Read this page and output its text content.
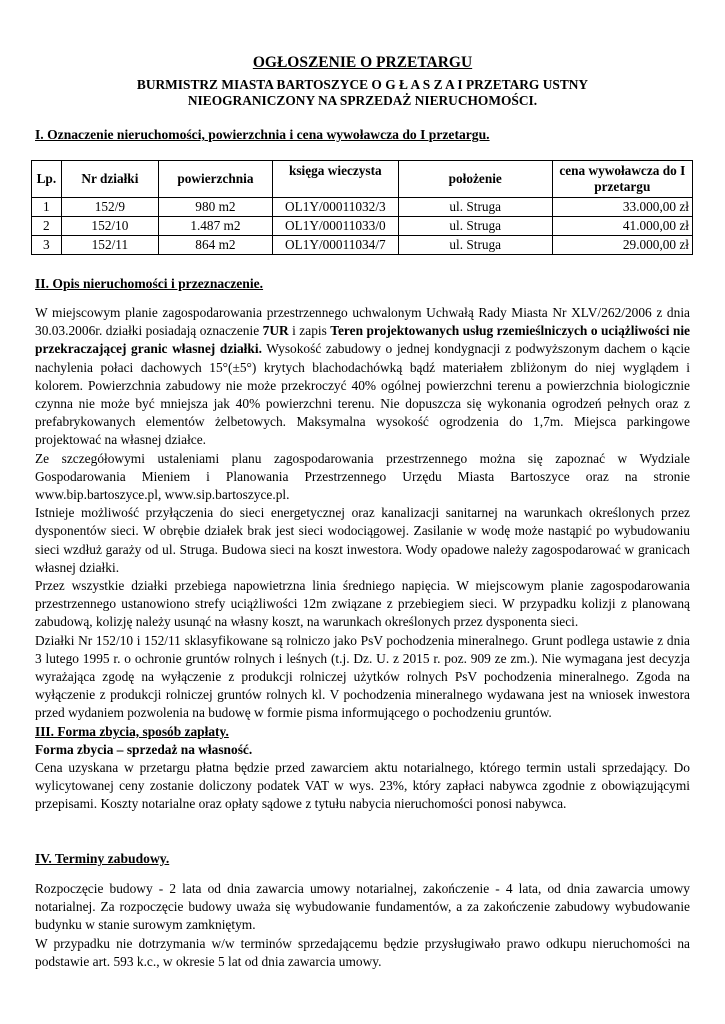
OGŁOSZENIE O PRZETARGU
BURMISTRZ MIASTA BARTOSZYCE O G Ł A S Z A I PRZETARG USTNY
NIEOGRANICZONY NA SPRZEDAŻ NIERUCHOMOŚCI.
I. Oznaczenie nieruchomości, powierzchnia i cena wywoławcza do I przetargu.
Lp.	Nr działki	powierzchnia	księga wieczysta	położenie	cena wywoławcza do I przetargu
1	152/9	980 m2	OL1Y/00011032/3	ul. Struga	33.000,00 zł
2	152/10	1.487 m2	OL1Y/00011033/0	ul. Struga	41.000,00 zł
3	152/11	864 m2	OL1Y/00011034/7	ul. Struga	29.000,00 zł
II. Opis nieruchomości i przeznaczenie.

W miejscowym planie zagospodarowania przestrzennego uchwalonym Uchwałą Rady Miasta Nr XLV/262/2006 z dnia 30.03.2006r. działki posiadają oznaczenie 7UR i zapis Teren projektowanych usług rzemieślniczych o uciążliwości nie przekraczającej granic własnej działki. Wysokość zabudowy o jednej kondygnacji z podwyższonym dachem o kącie nachylenia połaci dachowych 15°(±5°) krytych blachodachówką bądź materiałem zbliżonym do niej wyglądem i kolorem. Powierzchnia zabudowy nie może przekroczyć 40% ogólnej powierzchni terenu a powierzchnia biologicznie czynna nie może być mniejsza jak 40% powierzchni terenu. Nie dopuszcza się wykonania ogrodzeń pełnych oraz z prefabrykowanych elementów żelbetowych. Maksymalna wysokość ogrodzenia do 1,7m. Miejsca parkingowe projektować na własnej działce.

Ze szczegółowymi ustaleniami planu zagospodarowania przestrzennego można się zapoznać w Wydziale Gospodarowania Mieniem i Planowania Przestrzennego Urzędu Miasta Bartoszyce oraz na stronie www.bip.bartoszyce.pl, www.sip.bartoszyce.pl.

Istnieje możliwość przyłączenia do sieci energetycznej oraz kanalizacji sanitarnej na warunkach określonych przez dysponentów sieci. W obrębie działek brak jest sieci wodociągowej. Zasilanie w wodę może nastąpić po wybudowaniu sieci wzdłuż garaży od ul. Struga. Budowa sieci na koszt inwestora. Wody opadowe należy zagospodarować w granicach własnej działki.

Przez wszystkie działki przebiega napowietrzna linia średniego napięcia. W miejscowym planie zagospodarowania przestrzennego ustanowiono strefy uciążliwości 12m związane z przebiegiem sieci. W przypadku kolizji z planowaną zabudową, kolizję należy usunąć na własny koszt, na warunkach określonych przez dysponenta sieci.

Działki Nr 152/10 i 152/11 sklasyfikowane są rolniczo jako PsV pochodzenia mineralnego. Grunt podlega ustawie z dnia 3 lutego 1995 r. o ochronie gruntów rolnych i leśnych (t.j. Dz. U. z 2015 r. poz. 909 ze zm.). Nie wymagana jest decyzja wyrażająca zgodę na wyłączenie z produkcji rolniczej użytków rolnych PsV pochodzenia mineralnego. Zgoda na wyłączenie z produkcji rolniczej gruntów rolnych kl. V pochodzenia mineralnego wydawana jest na wniosek inwestora przed wydaniem pozwolenia na budowę w formie pisma informującego o pochodzeniu gruntów.

III. Forma zbycia, sposób zapłaty.

Forma zbycia – sprzedaż na własność.

Cena uzyskana w przetargu płatna będzie przed zawarciem aktu notarialnego, którego termin ustali sprzedający. Do wylicytowanej ceny zostanie doliczony podatek VAT w wys. 23%, który zapłaci nabywca zgodnie z obowiązującymi przepisami. Koszty notarialne oraz opłaty sądowe z tytułu nabycia nieruchomości ponosi nabywca.

IV. Terminy zabudowy.

Rozpoczęcie budowy - 2 lata od dnia zawarcia umowy notarialnej, zakończenie - 4 lata, od dnia zawarcia umowy notarialnej. Za rozpoczęcie budowy uważa się wybudowanie fundamentów, a za zakończenie zabudowy wybudowanie budynku w stanie surowym zamkniętym.

W przypadku nie dotrzymania w/w terminów sprzedającemu będzie przysługiwało prawo odkupu nieruchomości na podstawie art. 593 k.c., w okresie 5 lat od dnia zawarcia umowy.
